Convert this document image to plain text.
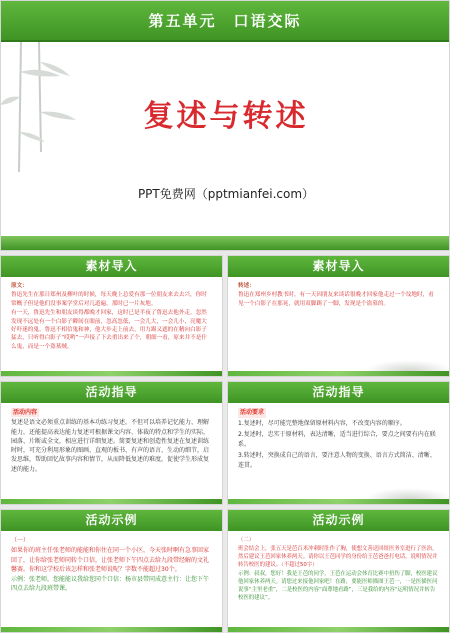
第五单元　口语交际
复述与转述
PPT免费网（pptmianfei.com）
素材导入

原文：

鲁迅先生在那日郑州及柳叶的时候，每天晚上总爱有那一位朋友来去去兴，你时常概子但是他们没事案学堂后对几道遍，那时已一片灰地。

有一天，鲁迅先生和朋友谈得都晚才回家，这时已是半夜了鲁迅去他外走，忽然发现不远处有一个白影子瞬间在眼前，忽高忽低，一会儿大，一会儿小，亮魔大好吓迷的鬼。鲁迅不相信鬼和神，他大步走上前去，用力踢又遮的在精向白影子猛去，只听得白影子“哎哟”一声接了下去重出来了个，朝细一看，原来并不是什么鬼，而是一个盗墓贼。

素材导入

转述：

鲁迅在郑州乡村教书时，有一天因朋友来谈话很晚才回家他走过一个坟地时，看见一个白影子在那晃，就用双脚踢了一脚，发现是个盗墓的。

活动指导

活动内容

复述是语文必须重点训练的基本功练习复述，不但可以培养记忆能力、理解能力，还能提高表达能力复述可根据课文内容、体裁的特点和学生的实际，园落、片断或全文，相应进行详细复述。简要复述和创造性复述在复述训练时时，可充分利用形象的图画、直观的板书、有声的语言、生动的细节，启发思维，帮助回忆故事内容和情节，从而降低复述的难度，促使学生形成复述的能力。

活动指导

活动要求

1.复述时，尽可能完整地保留原材料内容，不改变内容的顺序。

2.复述时，忠实于原材料，表达清晰，适当进行综合，要点之间要有内在联系。

3.转述时，突换成自己的语言，要注意人物的变换、语言方式简洁、清晰、连贯。

活动示例

（一）

如果你的班主任张老师的能能和你住在同一个小区，今天张时啊有急事回家回了，让你给张老师同转个口信，让张老师下午四点去给九段带经解的文礼馨赛。你和这学校后该怎样和张老师说呢？字数不能超过30个。

示例：张老师，您能能议我给您同个口信：杨市县带同成意主行：让您下午四点去给九段班带课。

活动示例

（二）

班会结会上，张五天是芭百米冲刺时肚作了胸，使想文善送回组医务室进行了医治，然后建议王芭回家休养两天。请你以王芭同学的身份给王芭爸爸打电话，说明情况并转告校医的建议。（不超过50字）

示例：叔叔，您好！我是王芭的同学，王芭在运动会体育比赛中扭伤了脚，校医建议他回家休养两天。请您过来接他回家吧！在路，要能医师描图王芭一，一是医描医问说事“主里老重”，二是校医的内容“面尊地看路”，三是我给的内容“运明情况并转告校医的建议”。
